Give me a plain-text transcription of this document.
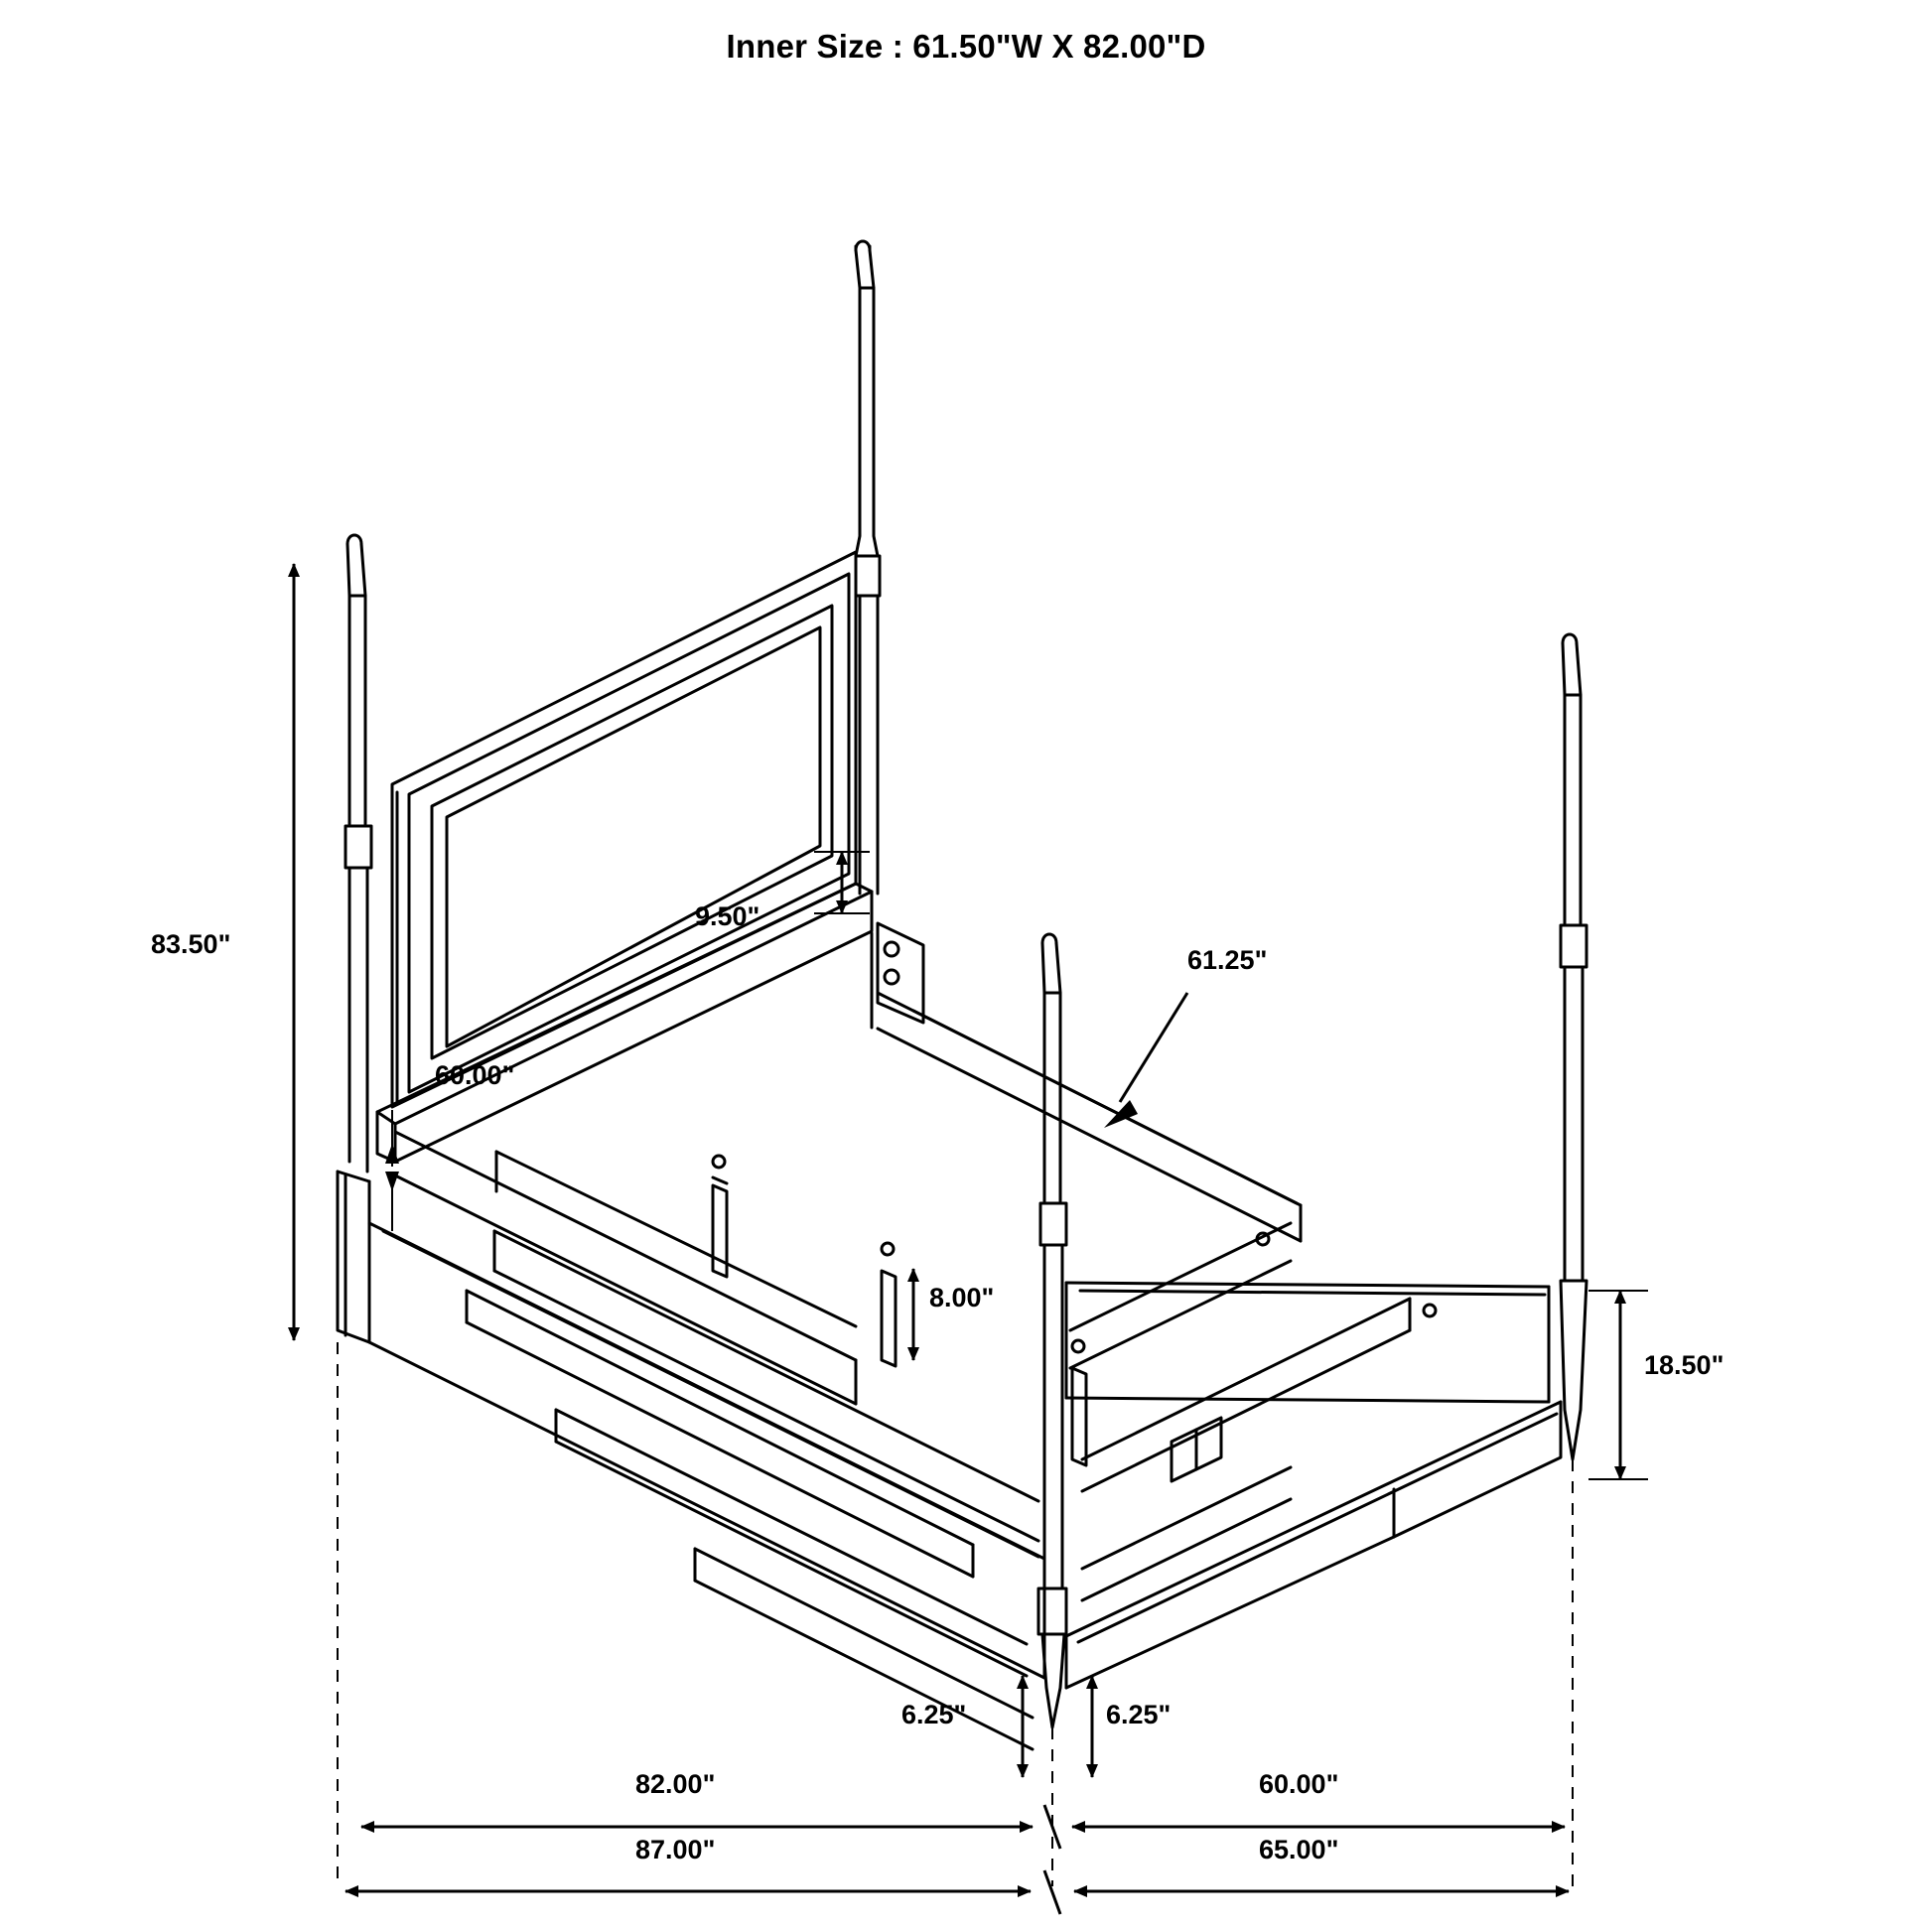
Inner Size : 61.50"W X 82.00"D
83.50"
9.50"
60.00"
61.25"
8.00"
18.50"
6.25"	6.25"
82.00"	60.00"
87.00"	65.00"
